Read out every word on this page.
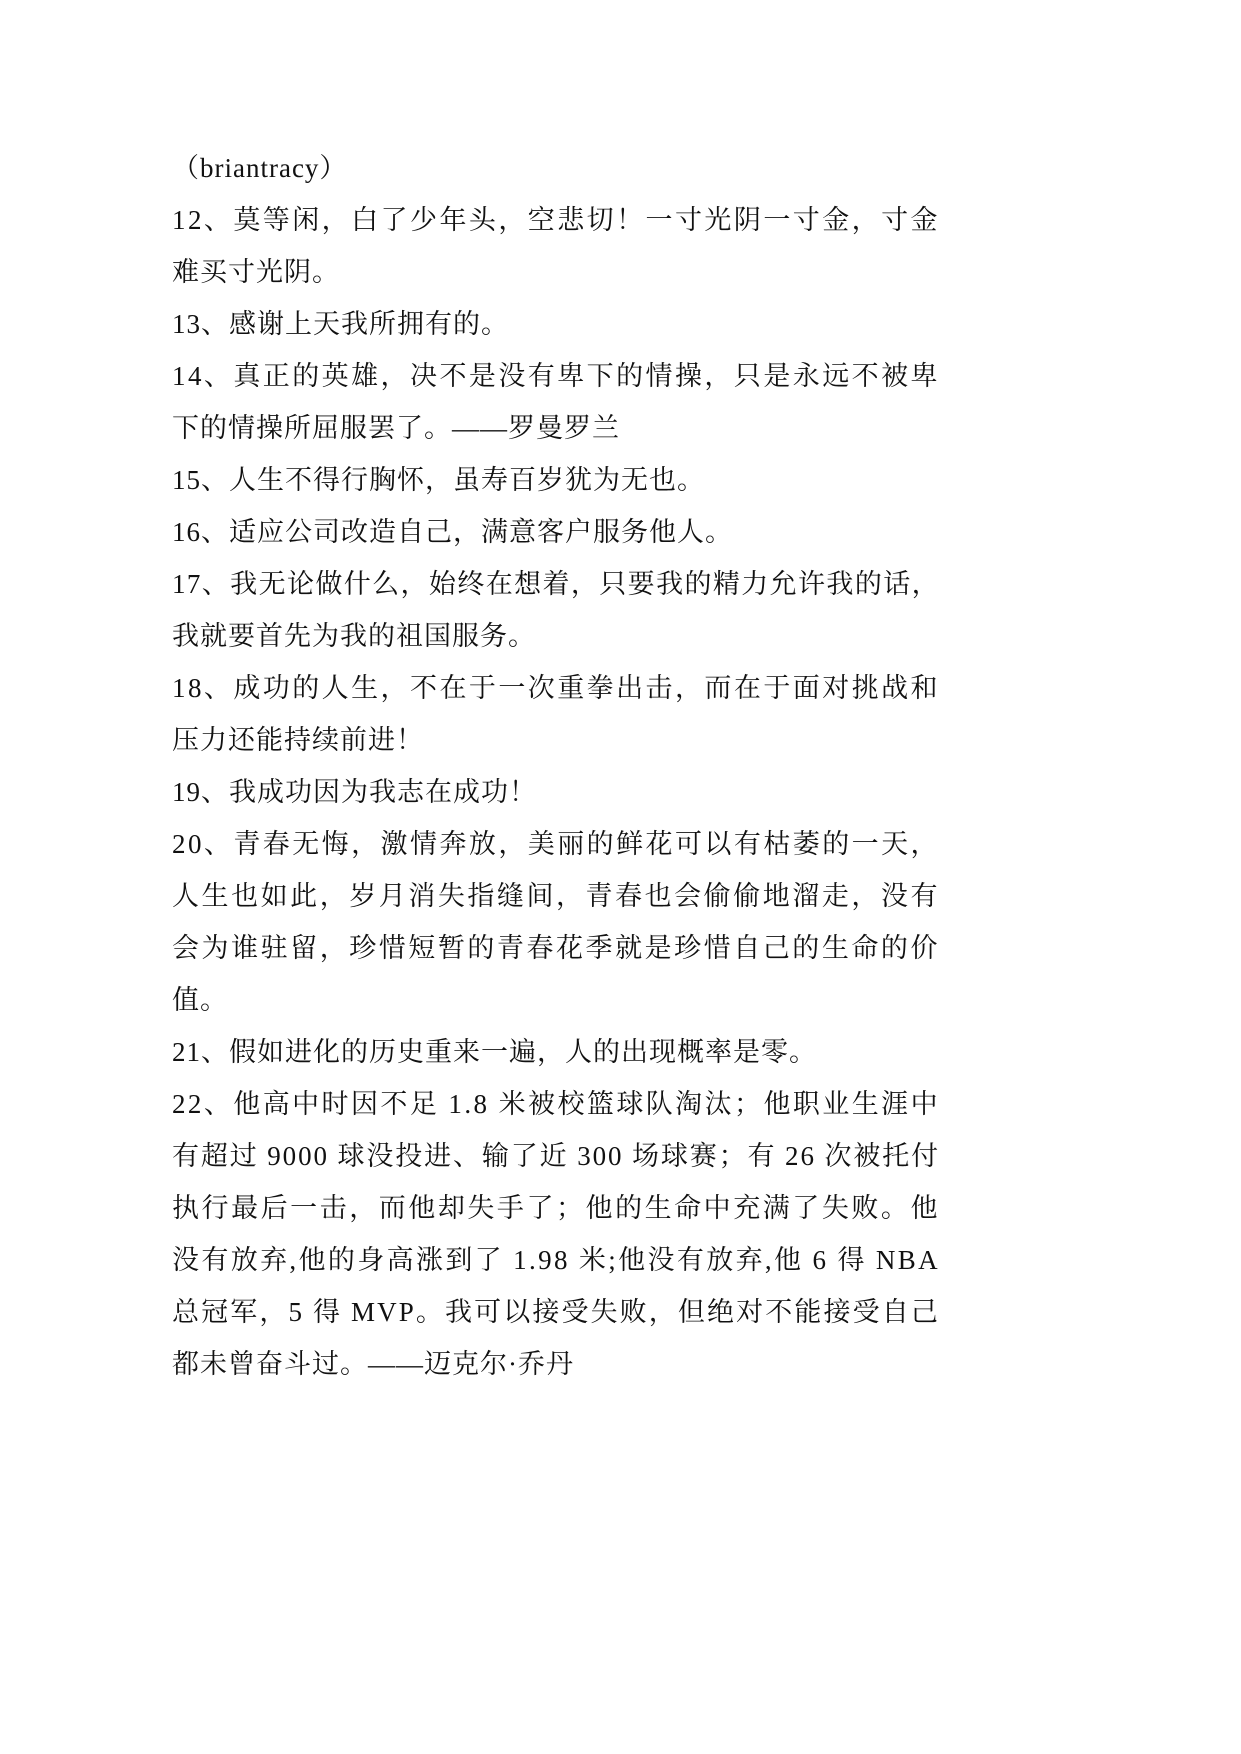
（briantracy）
12、莫等闲，白了少年头，空悲切！一寸光阴一寸金，寸金
难买寸光阴。
13、感谢上天我所拥有的。
14、真正的英雄，决不是没有卑下的情操，只是永远不被卑
下的情操所屈服罢了。——罗曼罗兰
15、人生不得行胸怀，虽寿百岁犹为无也。
16、适应公司改造自己，满意客户服务他人。
17、我无论做什么，始终在想着，只要我的精力允许我的话，
我就要首先为我的祖国服务。
18、成功的人生，不在于一次重拳出击，而在于面对挑战和
压力还能持续前进！
19、我成功因为我志在成功！
20、青春无悔，激情奔放，美丽的鲜花可以有枯萎的一天，
人生也如此，岁月消失指缝间，青春也会偷偷地溜走，没有
会为谁驻留，珍惜短暂的青春花季就是珍惜自己的生命的价
值。
21、假如进化的历史重来一遍，人的出现概率是零。
22、他高中时因不足 1.8 米被校篮球队淘汰；他职业生涯中
有超过 9000 球没投进、输了近 300 场球赛；有 26 次被托付
执行最后一击，而他却失手了；他的生命中充满了失败。他
没有放弃,他的身高涨到了 1.98 米;他没有放弃,他 6 得 NBA
总冠军，5 得 MVP。我可以接受失败，但绝对不能接受自己
都未曾奋斗过。——迈克尔·乔丹
